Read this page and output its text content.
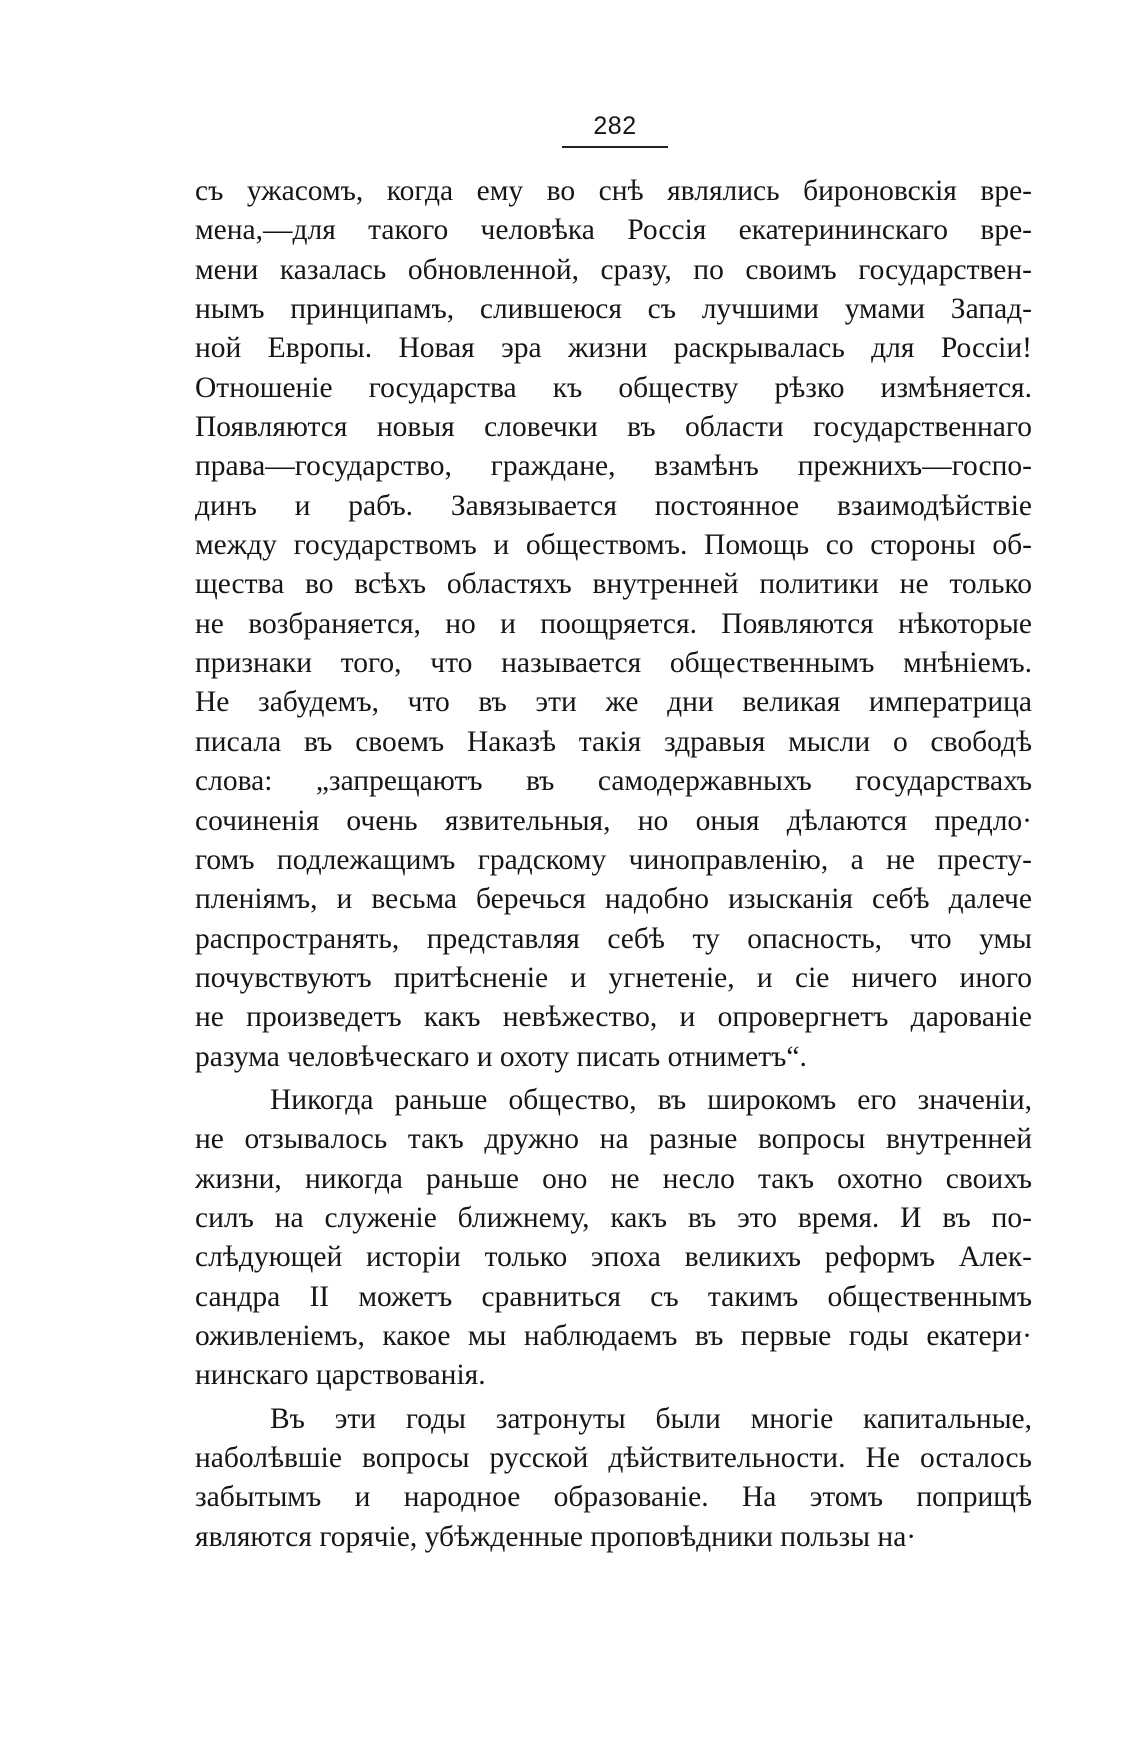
282
съ ужасомъ, когда ему во снѣ являлись бироновскія вре-
мена,—для такого человѣка Россія екатерининскаго вре-
мени казалась обновленной, сразу, по своимъ государствен-
нымъ принципамъ, слившеюся съ лучшими умами Запад-
ной Европы. Новая эра жизни раскрывалась для Россіи!
Отношеніе государства къ обществу рѣзко измѣняется.
Появляются новыя словечки въ области государственнаго
права—государство, граждане, взамѣнъ прежнихъ—госпо-
динъ и рабъ. Завязывается постоянное взаимодѣйствіе
между государствомъ и обществомъ. Помощь со стороны об-
щества во всѣхъ областяхъ внутренней политики не только
не возбраняется, но и поощряется. Появляются нѣкоторые
признаки того, что называется общественнымъ мнѣніемъ.
Не забудемъ, что въ эти же дни великая императрица
писала въ своемъ Наказѣ такія здравыя мысли о свободѣ
слова: „запрещаютъ въ самодержавныхъ государствахъ
сочиненія очень язвительныя, но оныя дѣлаются предло·
гомъ подлежащимъ градскому чиноправленію, а не престу-
пленіямъ, и весьма беречься надобно изысканія себѣ далече
распространять, представляя себѣ ту опасность, что умы
почувствуютъ притѣсненіе и угнетеніе, и сіе ничего иного
не произведетъ какъ невѣжество, и опровергнетъ дарованіе
разума человѣческаго и охоту писать отниметъ“.
Никогда раньше общество, въ широкомъ его значеніи,
не отзывалось такъ дружно на разные вопросы внутренней
жизни, никогда раньше оно не несло такъ охотно своихъ
силъ на служеніе ближнему, какъ въ это время. И въ по-
слѣдующей исторіи только эпоха великихъ реформъ Алек-
сандра II можетъ сравниться съ такимъ общественнымъ
оживленіемъ, какое мы наблюдаемъ въ первые годы екатери·
нинскаго царствованія.
Въ эти годы затронуты были многіе капитальные,
наболѣвшіе вопросы русской дѣйствительности. Не осталось
забытымъ и народное образованіе. На этомъ поприщѣ
являются горячіе, убѣжденные проповѣдники пользы на·
